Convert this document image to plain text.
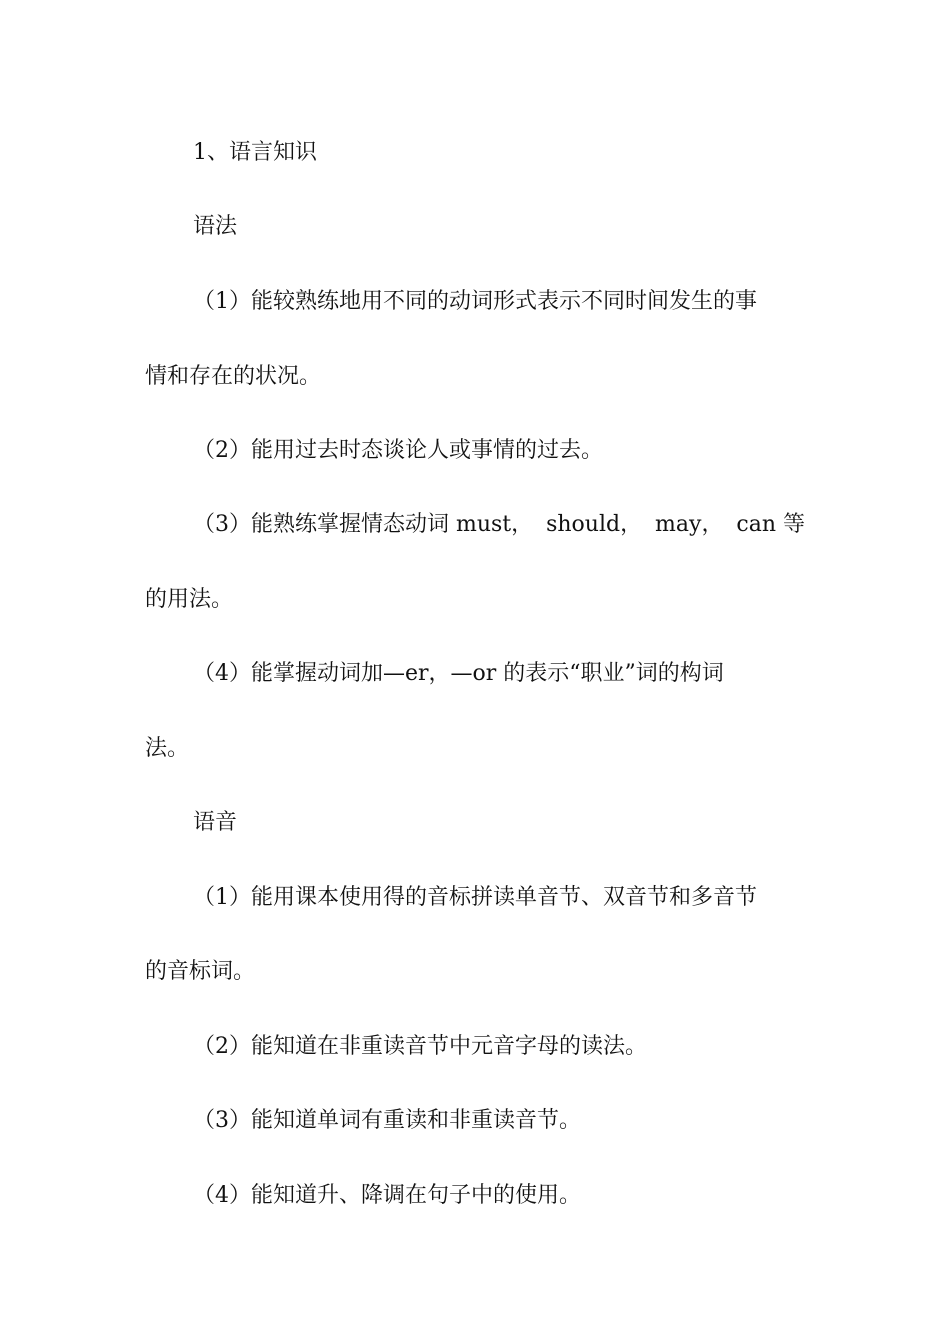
1、语言知识
语法
（1）能较熟练地用不同的动词形式表示不同时间发生的事
情和存在的状况。
（2）能用过去时态谈论人或事情的过去。
（3）能熟练掌握情态动词 must， should， may， can 等
的用法。
（4）能掌握动词加—er，—or 的表示“职业”词的构词
法。
语音
（1）能用课本使用得的音标拼读单音节、双音节和多音节
的音标词。
（2）能知道在非重读音节中元音字母的读法。
（3）能知道单词有重读和非重读音节。
（4）能知道升、降调在句子中的使用。
